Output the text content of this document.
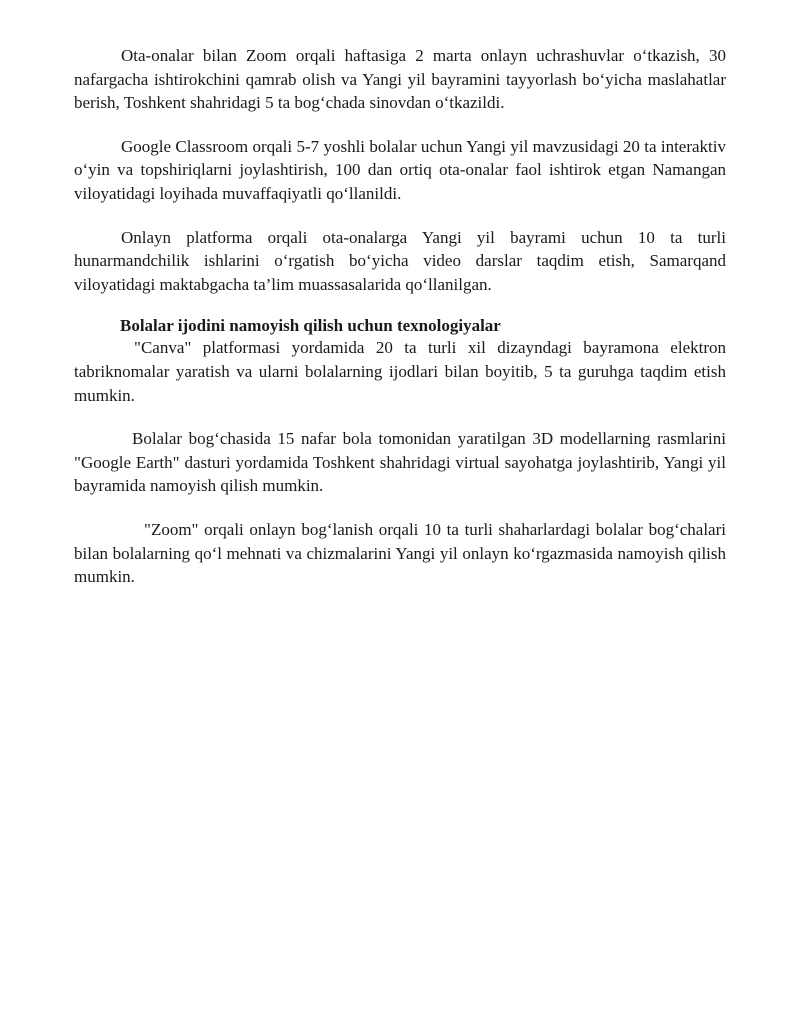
Ota-onalar bilan Zoom orqali haftasiga 2 marta onlayn uchrashuvlar o‘tkazish, 30 nafargacha ishtirokchini qamrab olish va Yangi yil bayramini tayyorlash bo‘yicha maslahatlar berish, Toshkent shahridagi 5 ta bog‘chada sinovdan o‘tkazildi.

Google Classroom orqali 5-7 yoshli bolalar uchun Yangi yil mavzusidagi 20 ta interaktiv o‘yin va topshiriqlarni joylashtirish, 100 dan ortiq ota-onalar faol ishtirok etgan Namangan viloyatidagi loyihada muvaffaqiyatli qo‘llanildi.

Onlayn platforma orqali ota-onalarga Yangi yil bayrami uchun 10 ta turli hunarmandchilik ishlarini o‘rgatish bo‘yicha video darslar taqdim etish, Samarqand viloyatidagi maktabgacha ta’lim muassasalarida qo‘llanilgan.

Bolalar ijodini namoyish qilish uchun texnologiyalar

"Canva" platformasi yordamida 20 ta turli xil dizayndagi bayramona elektron tabriknomalar yaratish va ularni bolalarning ijodlari bilan boyitib, 5 ta guruhga taqdim etish mumkin.

Bolalar bog‘chasida 15 nafar bola tomonidan yaratilgan 3D modellarning rasmlarini "Google Earth" dasturi yordamida Toshkent shahridagi virtual sayohatga joylashtirib, Yangi yil bayramida namoyish qilish mumkin.

"Zoom" orqali onlayn bog‘lanish orqali 10 ta turli shaharlardagi bolalar bog‘chalari bilan bolalarning qo‘l mehnati va chizmalarini Yangi yil onlayn ko‘rgazmasida namoyish qilish mumkin.
